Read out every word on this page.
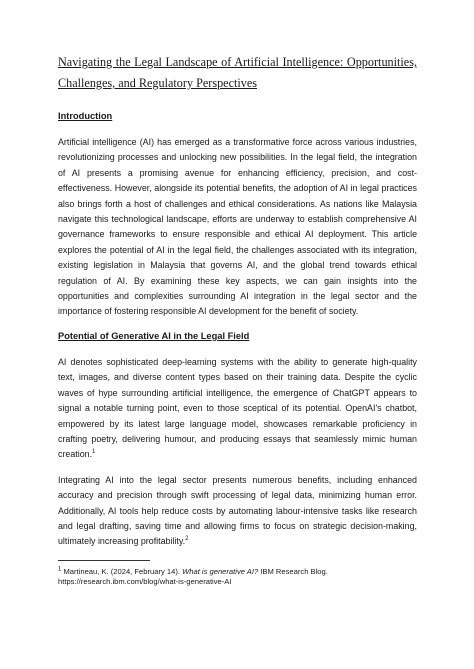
Navigating the Legal Landscape of Artificial Intelligence: Opportunities, Challenges, and Regulatory Perspectives
Introduction

Artificial intelligence (AI) has emerged as a transformative force across various industries, revolutionizing processes and unlocking new possibilities. In the legal field, the integration of AI presents a promising avenue for enhancing efficiency, precision, and cost-effectiveness. However, alongside its potential benefits, the adoption of AI in legal practices also brings forth a host of challenges and ethical considerations. As nations like Malaysia navigate this technological landscape, efforts are underway to establish comprehensive AI governance frameworks to ensure responsible and ethical AI deployment. This article explores the potential of AI in the legal field, the challenges associated with its integration, existing legislation in Malaysia that governs AI, and the global trend towards ethical regulation of AI. By examining these key aspects, we can gain insights into the opportunities and complexities surrounding AI integration in the legal sector and the importance of fostering responsible AI development for the benefit of society.

Potential of Generative AI in the Legal Field

AI denotes sophisticated deep-learning systems with the ability to generate high-quality text, images, and diverse content types based on their training data. Despite the cyclic waves of hype surrounding artificial intelligence, the emergence of ChatGPT appears to signal a notable turning point, even to those sceptical of its potential. OpenAI's chatbot, empowered by its latest large language model, showcases remarkable proficiency in crafting poetry, delivering humour, and producing essays that seamlessly mimic human creation.$^1$

Integrating AI into the legal sector presents numerous benefits, including enhanced accuracy and precision through swift processing of legal data, minimizing human error. Additionally, AI tools help reduce costs by automating labour-intensive tasks like research and legal drafting, saving time and allowing firms to focus on strategic decision-making, ultimately increasing profitability.$^2$

$^1$ Martineau, K. (2024, February 14). What is generative AI? IBM Research Blog.
https://research.ibm.com/blog/what-is-generative-AI
